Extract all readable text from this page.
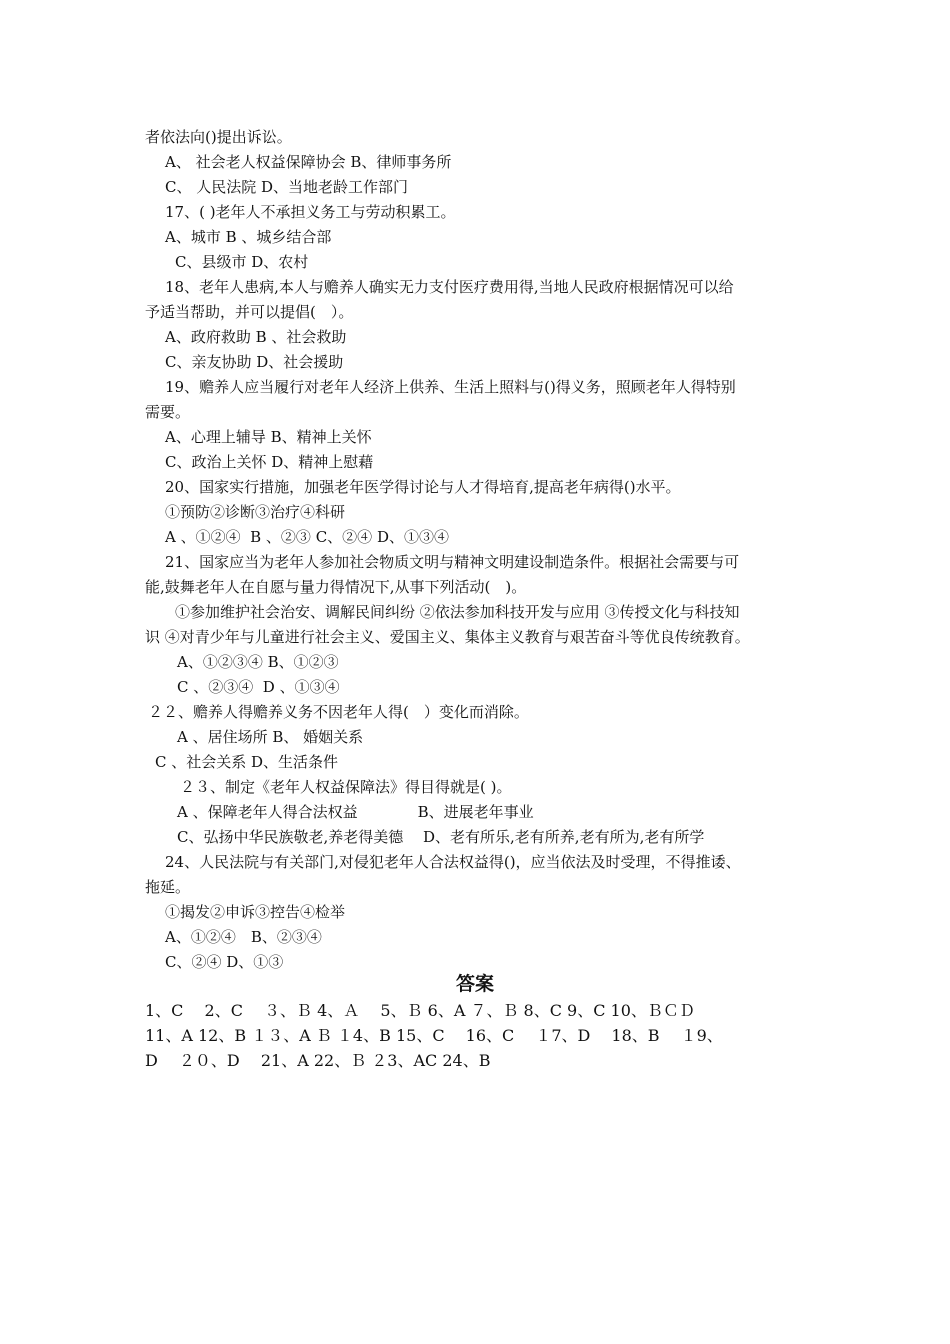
者依法向()提出诉讼。
A、 社会老人权益保障协会 B、律师事务所
C、 人民法院 D、当地老龄工作部门
17、( )老年人不承担义务工与劳动积累工。
A、城市 B 、城乡结合部
C、县级市 D、农村
18、老年人患病,本人与赡养人确实无力支付医疗费用得,当地人民政府根据情况可以给
予适当帮助，并可以提倡(　）。
A、政府救助 B 、社会救助
C、亲友协助 D、社会援助
19、赡养人应当履行对老年人经济上供养、生活上照料与()得义务，照顾老年人得特别
需要。
A、心理上辅导 B、精神上关怀
C、政治上关怀 D、精神上慰藉
20、国家实行措施，加强老年医学得讨论与人才得培育,提高老年病得()水平。
①预防②诊断③治疗④科研
A 、①②④  B 、②③ C、②④ D、①③④
21、国家应当为老年人参加社会物质文明与精神文明建设制造条件。根据社会需要与可
能,鼓舞老年人在自愿与量力得情况下,从事下列活动(　)。
①参加维护社会治安、调解民间纠纷 ②依法参加科技开发与应用 ③传授文化与科技知
识 ④对青少年与儿童进行社会主义、爱国主义、集体主义教育与艰苦奋斗等优良传统教育。
A、①②③④ B、①②③
C 、②③④  D 、①③④
２２、赡养人得赡养义务不因老年人得(　）变化而消除。
A 、居住场所 B、 婚姻关系
C 、社会关系 D、生活条件
２３、制定《老年人权益保障法》得目得就是( )。
A 、保障老年人得合法权益　　　　B、进展老年事业
C、弘扬中华民族敬老,养老得美德　 D、老有所乐,老有所养,老有所为,老有所学
24、人民法院与有关部门,对侵犯老年人合法权益得()，应当依法及时受理，不得推诿、
拖延。
①揭发②申诉③控告④检举
A、①②④　B、②③④
C、②④ D、①③
答案
1、C　 2、C　 ３、Ｂ 4、Ａ　 5、Ｂ 6、A ７、Ｂ 8、C 9、C 10、ＢＣＤ
11、A 12、B １３、A Ｂ １4、B 15、C　 16、C　 １7、D　 18、B　 １9、
D　 ２０、D　 21、A 22、Ｂ ２3、AC 24、B
